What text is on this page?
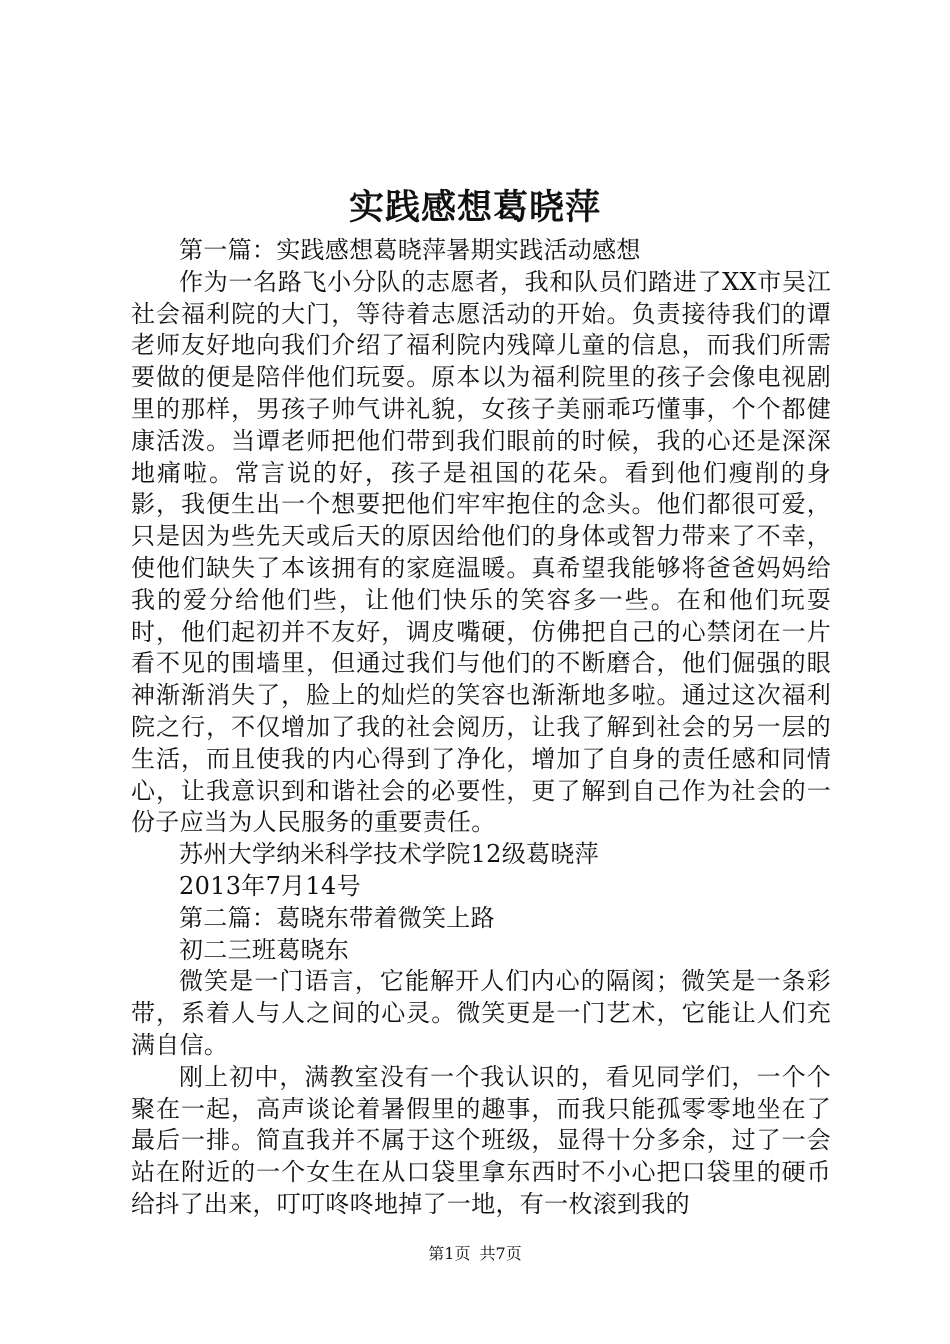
实践感想葛晓萍

第一篇：实践感想葛晓萍暑期实践活动感想

作为一名路飞小分队的志愿者，我和队员们踏进了XX市吴江社会福利院的大门，等待着志愿活动的开始。负责接待我们的谭老师友好地向我们介绍了福利院内残障儿童的信息，而我们所需要做的便是陪伴他们玩耍。原本以为福利院里的孩子会像电视剧里的那样，男孩子帅气讲礼貌，女孩子美丽乖巧懂事，个个都健康活泼。当谭老师把他们带到我们眼前的时候，我的心还是深深地痛啦。常言说的好，孩子是祖国的花朵。看到他们瘦削的身影，我便生出一个想要把他们牢牢抱住的念头。他们都很可爱，只是因为些先天或后天的原因给他们的身体或智力带来了不幸，使他们缺失了本该拥有的家庭温暖。真希望我能够将爸爸妈妈给我的爱分给他们些，让他们快乐的笑容多一些。在和他们玩耍时，他们起初并不友好，调皮嘴硬，仿佛把自己的心禁闭在一片看不见的围墙里，但通过我们与他们的不断磨合，他们倔强的眼神渐渐消失了，脸上的灿烂的笑容也渐渐地多啦。通过这次福利院之行，不仅增加了我的社会阅历，让我了解到社会的另一层的生活，而且使我的内心得到了净化，增加了自身的责任感和同情心，让我意识到和谐社会的必要性，更了解到自己作为社会的一份子应当为人民服务的重要责任。

苏州大学纳米科学技术学院12级葛晓萍

2013年7月14号

第二篇：葛晓东带着微笑上路

初二三班葛晓东

微笑是一门语言，它能解开人们内心的隔阂；微笑是一条彩带，系着人与人之间的心灵。微笑更是一门艺术，它能让人们充满自信。

刚上初中，满教室没有一个我认识的，看见同学们，一个个聚在一起，高声谈论着暑假里的趣事，而我只能孤零零地坐在了最后一排。简直我并不属于这个班级，显得十分多余，过了一会站在附近的一个女生在从口袋里拿东西时不小心把口袋里的硬币给抖了出来，叮叮咚咚地掉了一地，有一枚滚到我的

第1页 共7页
